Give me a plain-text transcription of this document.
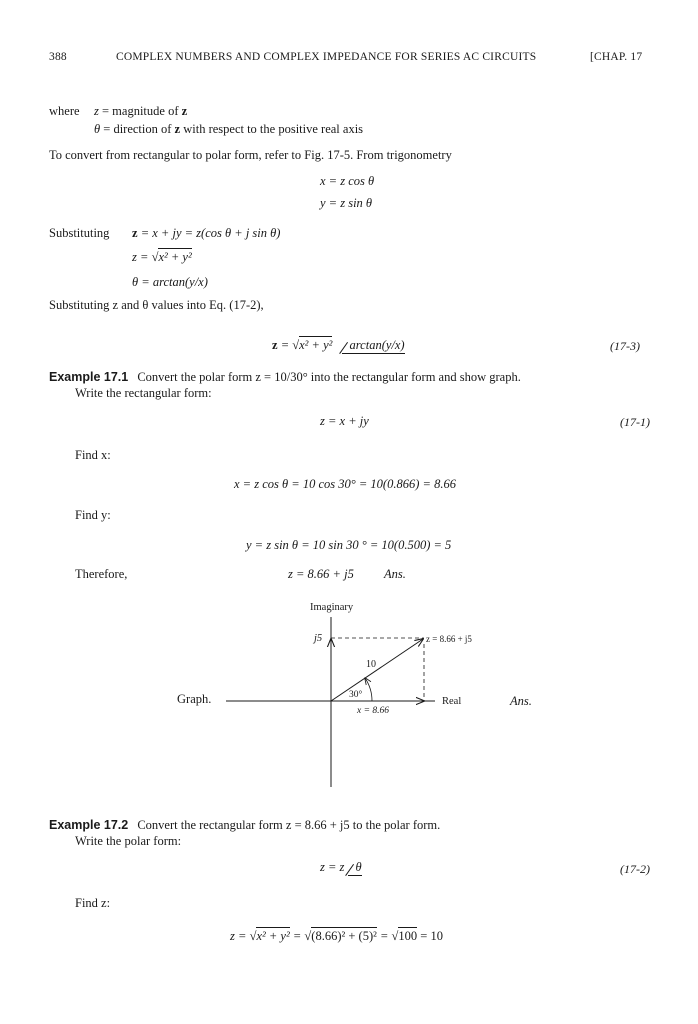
388	COMPLEX NUMBERS AND COMPLEX IMPEDANCE FOR SERIES AC CIRCUITS	[CHAP. 17
where z = magnitude of z
θ = direction of z with respect to the positive real axis
To convert from rectangular to polar form, refer to Fig. 17-5. From trigonometry
x = z cos θ
y = z sin θ
Substituting z = x + jy = z(cos θ + j sin θ)
z = √x² + y²
θ = arctan(y/x)
Substituting z and θ values into Eq. (17-2),
z = √x² + y² arctan(y/x)	(17-3)
Example 17.1 Convert the polar form z = 10/30° into the rectangular form and show graph.
Write the rectangular form:
z = x + jy	(17-1)
Find x:
x = z cos θ = 10 cos 30° = 10(0.866) = 8.66
Find y:
y = z sin θ = 10 sin 30 ° = 10(0.500) = 5
Therefore,	z = 8.66 + j5 Ans.
Graph.	Ans.
Imaginary
Real
j5	z = 8.66 + j5
10
30°
x = 8.66
Example 17.2 Convert the rectangular form z = 8.66 + j5 to the polar form.
Write the polar form:
z = z θ	(17-2)
Find z:
z = √x² + y² = √(8.66)² + (5)² = √100 = 10
